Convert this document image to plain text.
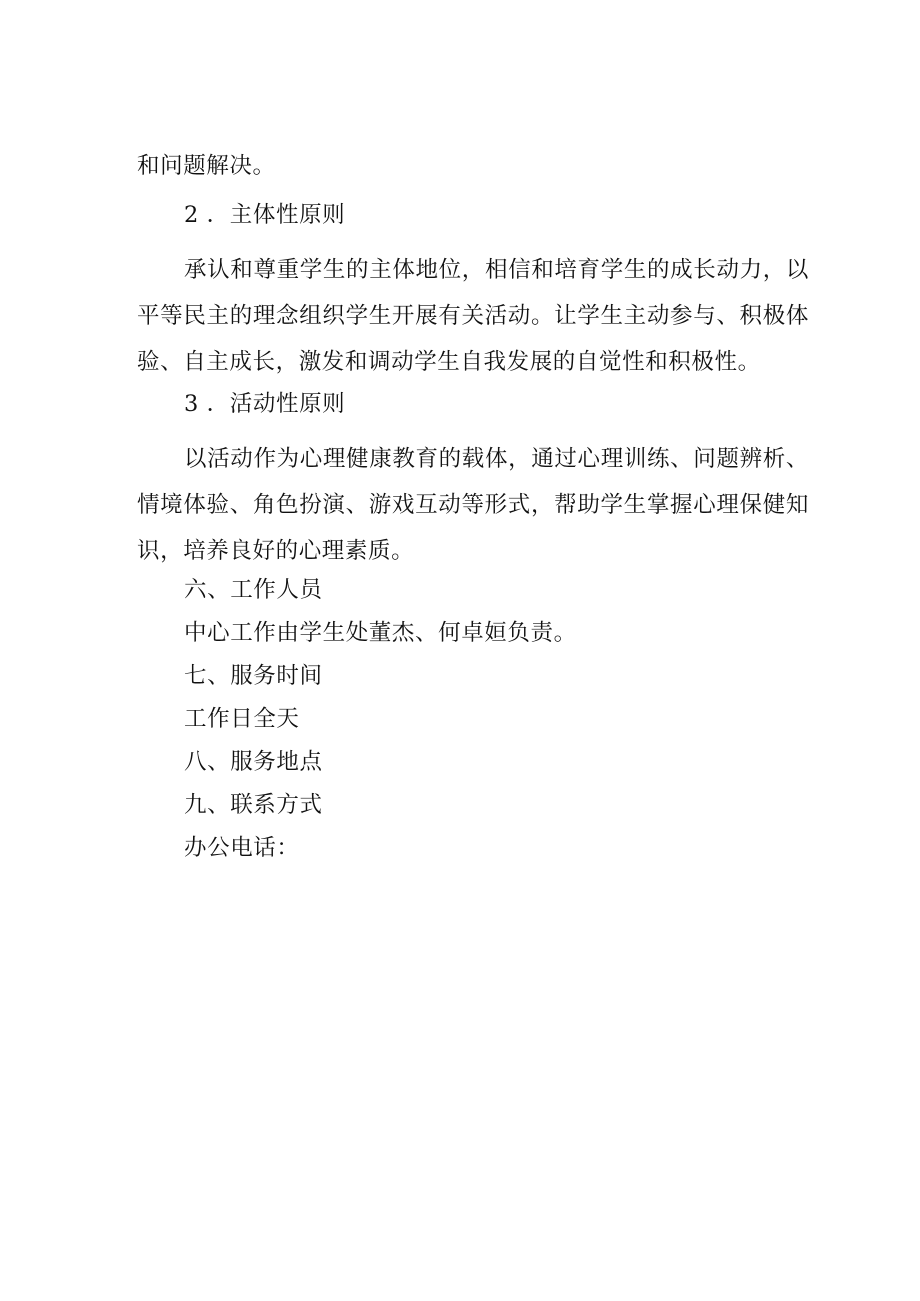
和问题解决。
2 ．主体性原则
承认和尊重学生的主体地位，相信和培育学生的成长动力，以平等民主的理念组织学生开展有关活动。让学生主动参与、积极体验、自主成长，激发和调动学生自我发展的自觉性和积极性。
3 ．活动性原则
以活动作为心理健康教育的载体，通过心理训练、问题辨析、情境体验、角色扮演、游戏互动等形式，帮助学生掌握心理保健知识，培养良好的心理素质。
六、工作人员
中心工作由学生处董杰、何卓姮负责。
七、服务时间
工作日全天
八、服务地点
九、联系方式
办公电话：
